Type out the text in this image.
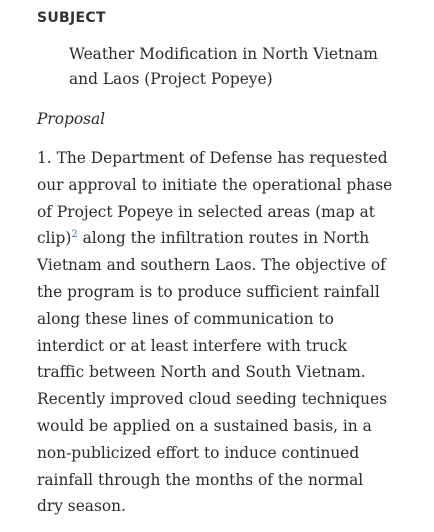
SUBJECT

Weather Modification in North Vietnam
and Laos (Project Popeye)

Proposal

1. The Department of Defense has requested
our approval to initiate the operational phase
of Project Popeye in selected areas (map at
clip)$^2$ along the infiltration routes in North
Vietnam and southern Laos. The objective of
the program is to produce sufficient rainfall
along these lines of communication to
interdict or at least interfere with truck
traffic between North and South Vietnam.
Recently improved cloud seeding techniques
would be applied on a sustained basis, in a
non-publicized effort to induce continued
rainfall through the months of the normal
dry season.
